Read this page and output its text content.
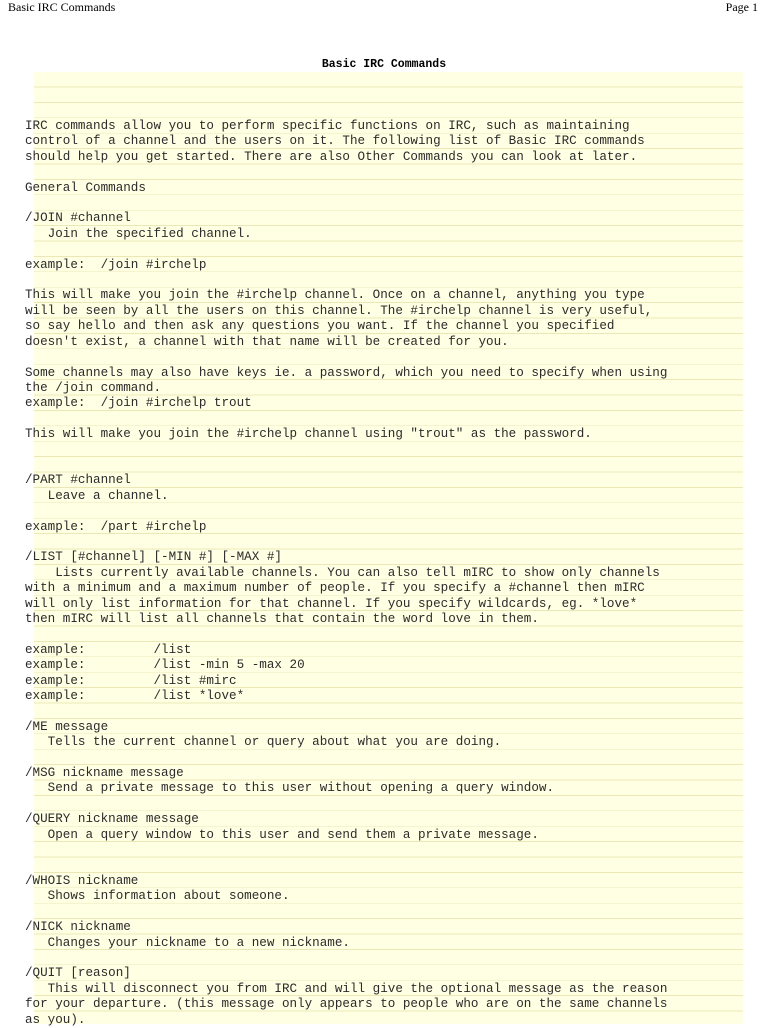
Basic IRC Commands	Page 1
Basic IRC Commands
IRC commands allow you to perform specific functions on IRC, such as maintaining
control of a channel and the users on it. The following list of Basic IRC commands
should help you get started. There are also Other Commands you can look at later.

General Commands

/JOIN #channel
Join the specified channel.

example:  /join #irchelp

This will make you join the #irchelp channel. Once on a channel, anything you type
will be seen by all the users on this channel. The #irchelp channel is very useful,
so say hello and then ask any questions you want. If the channel you specified
doesn't exist, a channel with that name will be created for you.

Some channels may also have keys ie. a password, which you need to specify when using
the /join command.
example:  /join #irchelp trout

This will make you join the #irchelp channel using "trout" as the password.

/PART #channel
Leave a channel.

example:  /part #irchelp

/LIST [#channel] [-MIN #] [-MAX #]
Lists currently available channels. You can also tell mIRC to show only channels
with a minimum and a maximum number of people. If you specify a #channel then mIRC
will only list information for that channel. If you specify wildcards, eg. *love*
then mIRC will list all channels that contain the word love in them.

example:         /list
example:         /list -min 5 -max 20
example:         /list #mirc
example:         /list *love*

/ME message
Tells the current channel or query about what you are doing.

/MSG nickname message
Send a private message to this user without opening a query window.

/QUERY nickname message
Open a query window to this user and send them a private message.

/WHOIS nickname
Shows information about someone.

/NICK nickname
Changes your nickname to a new nickname.

/QUIT [reason]
This will disconnect you from IRC and will give the optional message as the reason
for your departure. (this message only appears to people who are on the same channels
as you).
